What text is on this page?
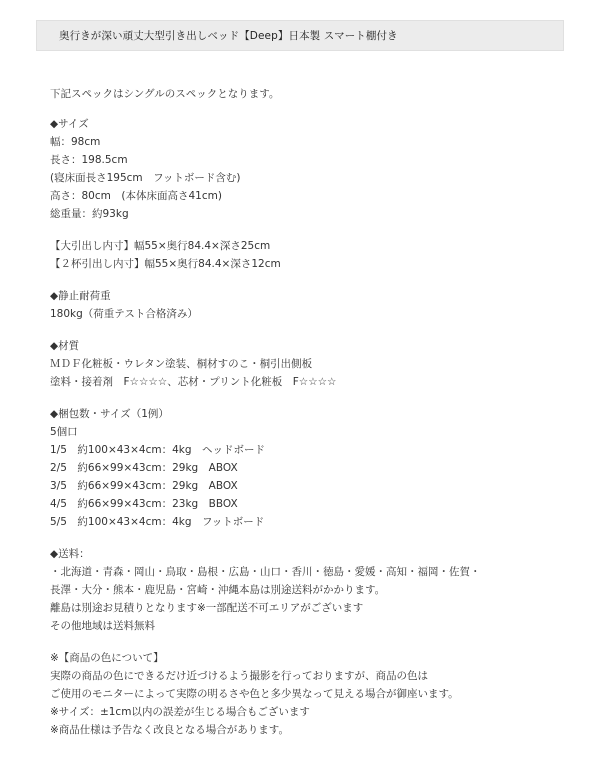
奥行きが深い頑丈大型引き出しベッド【Deep】日本製 スマート棚付き
下記スペックはシングルのスペックとなります。
◆サイズ
幅：98cm
長さ：198.5cm
(寝床面長さ195cm　フットボード含む)
高さ：80cm　(本体床面高さ41cm)
総重量：約93kg
【大引出し内寸】幅55×奥行84.4×深さ25cm
【２杯引出し内寸】幅55×奥行84.4×深さ12cm
◆静止耐荷重
180kg（荷重テスト合格済み）
◆材質
ＭＤＦ化粧板・ウレタン塗装、桐材すのこ・桐引出側板
塗料・接着剤　F☆☆☆☆、芯材・プリント化粧板　F☆☆☆☆
◆梱包数・サイズ（1例）
5個口
1/5　約100×43×4cm：4kg　ヘッドボード
2/5　約66×99×43cm：29kg　ABOX
3/5　約66×99×43cm：29kg　ABOX
4/5　約66×99×43cm：23kg　BBOX
5/5　約100×43×4cm：4kg　フットボード
◆送料：
・北海道・青森・岡山・鳥取・島根・広島・山口・香川・徳島・愛媛・高知・福岡・佐賀・
長澤・大分・熊本・鹿児島・宮崎・沖縄本島は別途送料がかかります。
離島は別途お見積りとなります※一部配送不可エリアがございます
その他地域は送料無料
※【商品の色について】
実際の商品の色にできるだけ近づけるよう撮影を行っておりますが、商品の色は
ご使用のモニターによって実際の明るさや色と多少異なって見える場合が御座います。
※サイズ：±1cm以内の誤差が生じる場合もございます
※商品仕様は予告なく改良となる場合があります。
